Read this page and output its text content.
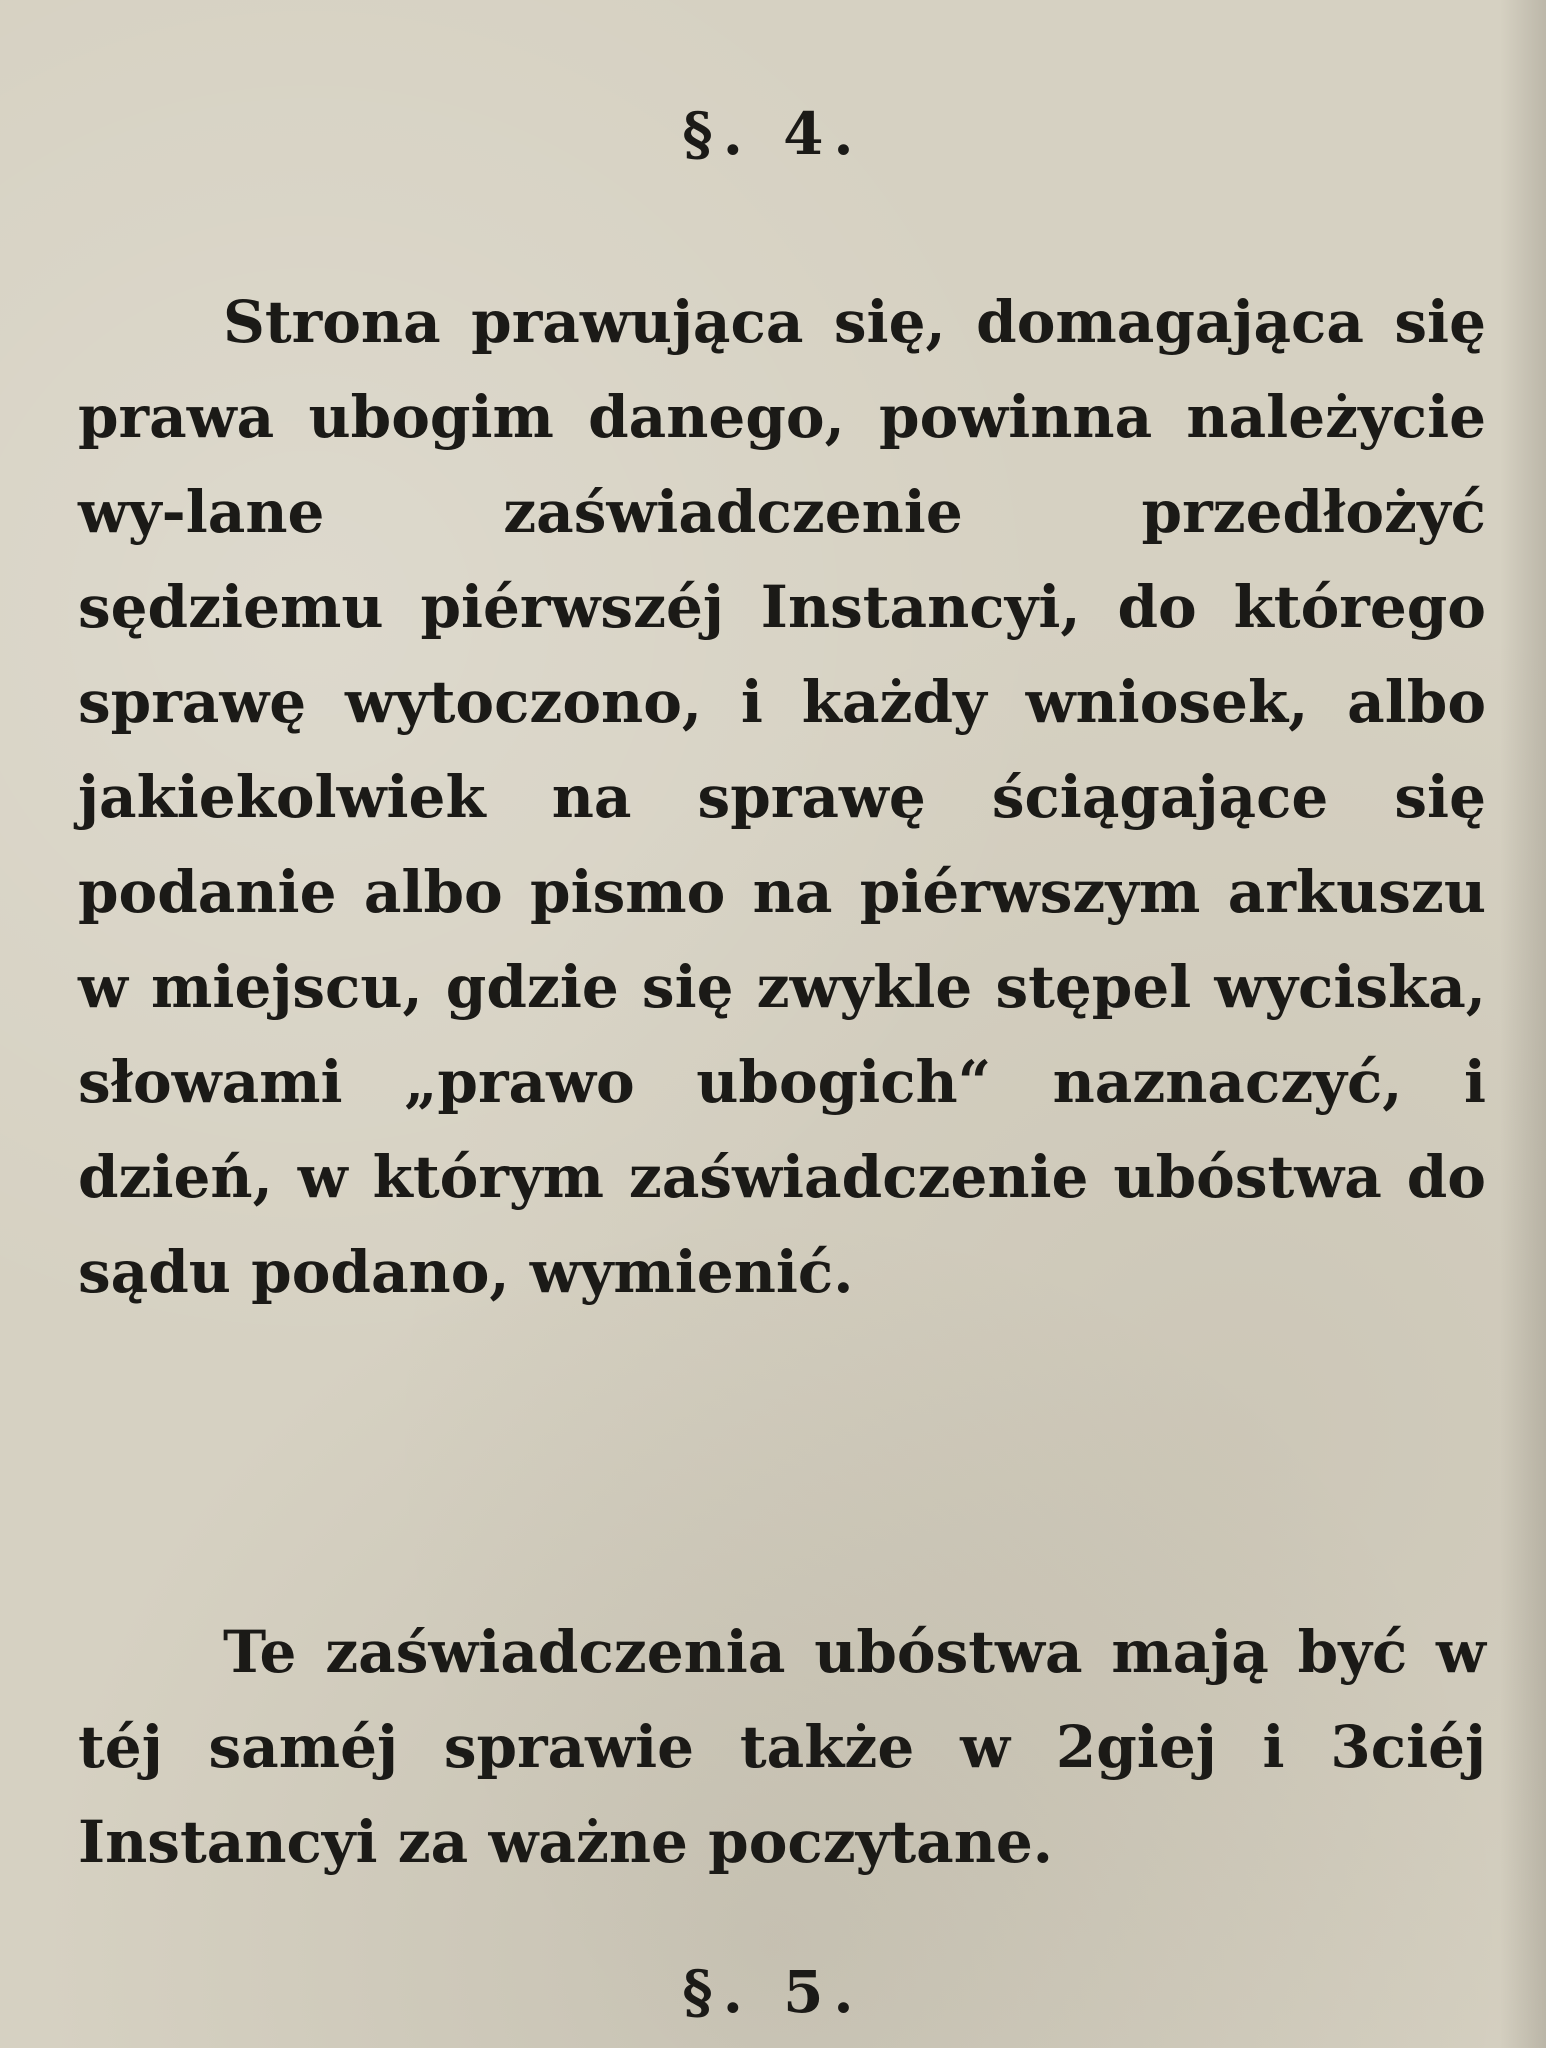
§. 4.

Strona prawująca się, domagająca się prawa ubogim danego, powinna należycie wy-lane zaświadczenie przedłożyć sędziemu piérwszéj Instancyi, do którego sprawę wytoczono, i każdy wniosek, albo jakiekolwiek na sprawę ściągające się podanie albo pismo na piérwszym arkuszu w miejscu, gdzie się zwykle stępel wyciska, słowami „prawo ubogich“ naznaczyć, i dzień, w którym zaświadczenie ubóstwa do sądu podano, wymienić.

Te zaświadczenia ubóstwa mają być w téj saméj sprawie także w 2giej i 3ciéj Instancyi za ważne poczytane.

§. 5.
